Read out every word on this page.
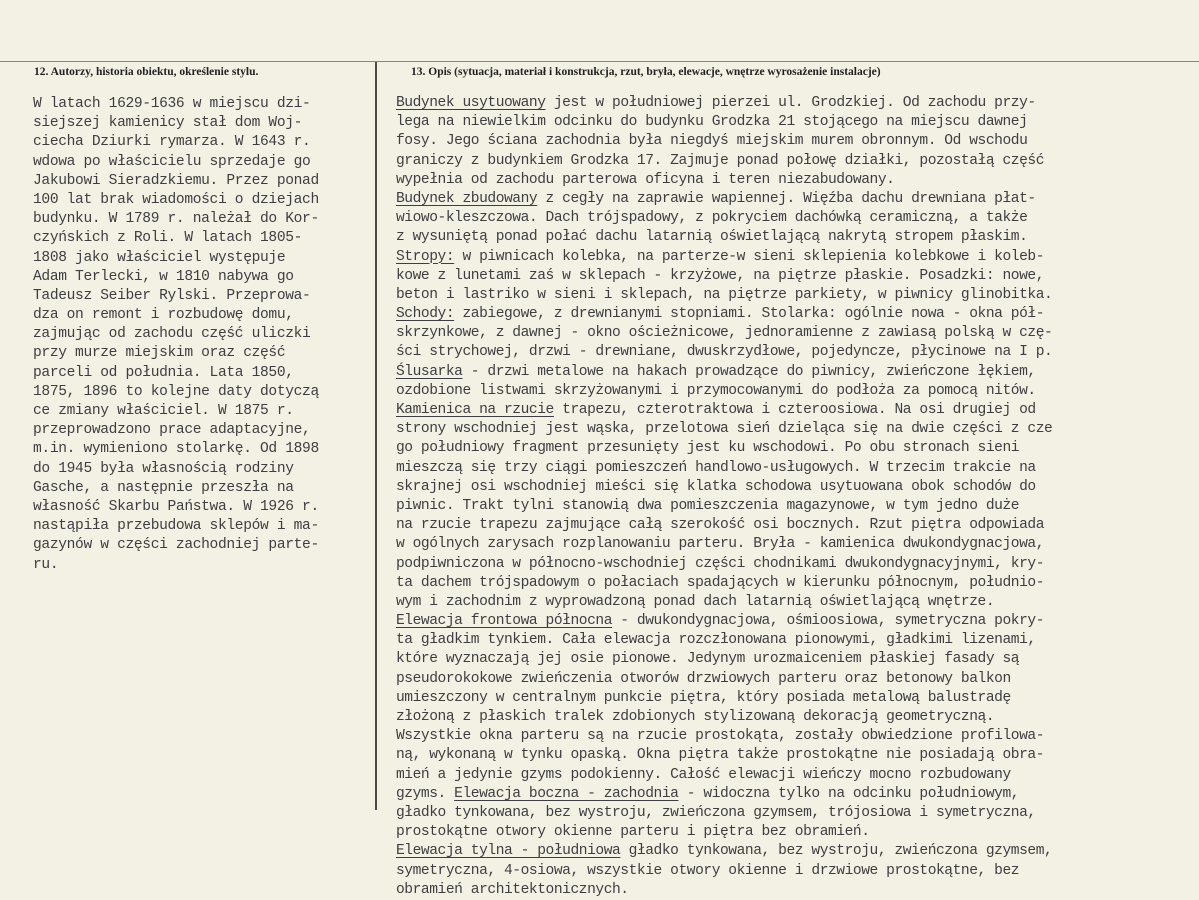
12. Autorzy, historia obiektu, określenie stylu.	13. Opis (sytuacja, materiał i konstrukcja, rzut, bryła, elewacje, wnętrze wyrosażenie instalacje)
W latach 1629-1636 w miejscu dzi-
siejszej kamienicy stał dom Woj-
ciecha Dziurki rymarza. W 1643 r.
wdowa po właścicielu sprzedaje go
Jakubowi Sieradzkiemu. Przez ponad
100 lat brak wiadomości o dziejach
budynku. W 1789 r. należał do Kor-
czyńskich z Roli. W latach 1805-
1808 jako właściciel występuje
Adam Terlecki, w 1810 nabywa go
Tadeusz Seiber Rylski. Przeprowa-
dza on remont i rozbudowę domu,
zajmując od zachodu część uliczki
przy murze miejskim oraz część
parceli od południa. Lata 1850,
1875, 1896 to kolejne daty dotyczą
ce zmiany właściciel. W 1875 r.
przeprowadzono prace adaptacyjne,
m.in. wymieniono stolarkę. Od 1898
do 1945 była własnością rodziny
Gasche, a następnie przeszła na
własność Skarbu Państwa. W 1926 r.
nastąpiła przebudowa sklepów i ma-
gazynów w części zachodniej parte-
ru.
Budynek usytuowany jest w południowej pierzei ul. Grodzkiej. Od zachodu przy-
lega na niewielkim odcinku do budynku Grodzka 21 stojącego na miejscu dawnej
fosy. Jego ściana zachodnia była niegdyś miejskim murem obronnym. Od wschodu
graniczy z budynkiem Grodzka 17. Zajmuje ponad połowę działki, pozostałą część
wypełnia od zachodu parterowa oficyna i teren niezabudowany.
Budynek zbudowany z cegły na zaprawie wapiennej. Więźba dachu drewniana płat-
wiowo-kleszczowa. Dach trójspadowy, z pokryciem dachówką ceramiczną, a także
z wysuniętą ponad połać dachu latarnią oświetlającą nakrytą stropem płaskim.
Stropy: w piwnicach kolebka, na parterze-w sieni sklepienia kolebkowe i koleb-
kowe z lunetami zaś w sklepach - krzyżowe, na piętrze płaskie. Posadzki: nowe,
beton i lastriko w sieni i sklepach, na piętrze parkiety, w piwnicy glinobitka.
Schody: zabiegowe, z drewnianymi stopniami. Stolarka: ogólnie nowa - okna pół-
skrzynkowe, z dawnej - okno ościeżnicowe, jednoramienne z zawiasą polską w czę-
ści strychowej, drzwi - drewniane, dwuskrzydłowe, pojedyncze, płycinowe na I p.
Ślusarka - drzwi metalowe na hakach prowadzące do piwnicy, zwieńczone łękiem,
ozdobione listwami skrzyżowanymi i przymocowanymi do podłoża za pomocą nitów.
Kamienica na rzucie trapezu, czterotraktowa i czteroosiowa. Na osi drugiej od
strony wschodniej jest wąska, przelotowa sień dzieląca się na dwie części z cze
go południowy fragment przesunięty jest ku wschodowi. Po obu stronach sieni
mieszczą się trzy ciągi pomieszczeń handlowo-usługowych. W trzecim trakcie na
skrajnej osi wschodniej mieści się klatka schodowa usytuowana obok schodów do
piwnic. Trakt tylni stanowią dwa pomieszczenia magazynowe, w tym jedno duże
na rzucie trapezu zajmujące całą szerokość osi bocznych. Rzut piętra odpowiada
w ogólnych zarysach rozplanowaniu parteru. Bryła - kamienica dwukondygnacjowa,
podpiwniczona w północno-wschodniej części chodnikami dwukondygnacyjnymi, kry-
ta dachem trójspadowym o połaciach spadających w kierunku północnym, południo-
wym i zachodnim z wyprowadzoną ponad dach latarnią oświetlającą wnętrze.
Elewacja frontowa północna - dwukondygnacjowa, ośmioosiowa, symetryczna pokry-
ta gładkim tynkiem. Cała elewacja rozczłonowana pionowymi, gładkimi lizenami,
które wyznaczają jej osie pionowe. Jedynym urozmaiceniem płaskiej fasady są
pseudorokokowe zwieńczenia otworów drzwiowych parteru oraz betonowy balkon
umieszczony w centralnym punkcie piętra, który posiada metalową balustradę
złożoną z płaskich tralek zdobionych stylizowaną dekoracją geometryczną.
Wszystkie okna parteru są na rzucie prostokąta, zostały obwiedzione profilowa-
ną, wykonaną w tynku opaską. Okna piętra także prostokątne nie posiadają obra-
mień a jedynie gzyms podokienny. Całość elewacji wieńczy mocno rozbudowany
gzyms. Elewacja boczna - zachodnia - widoczna tylko na odcinku południowym,
gładko tynkowana, bez wystroju, zwieńczona gzymsem, trójosiowa i symetryczna,
prostokątne otwory okienne parteru i piętra bez obramień.
Elewacja tylna - południowa gładko tynkowana, bez wystroju, zwieńczona gzymsem,
symetryczna, 4-osiowa, wszystkie otwory okienne i drzwiowe prostokątne, bez
obramień architektonicznych.
